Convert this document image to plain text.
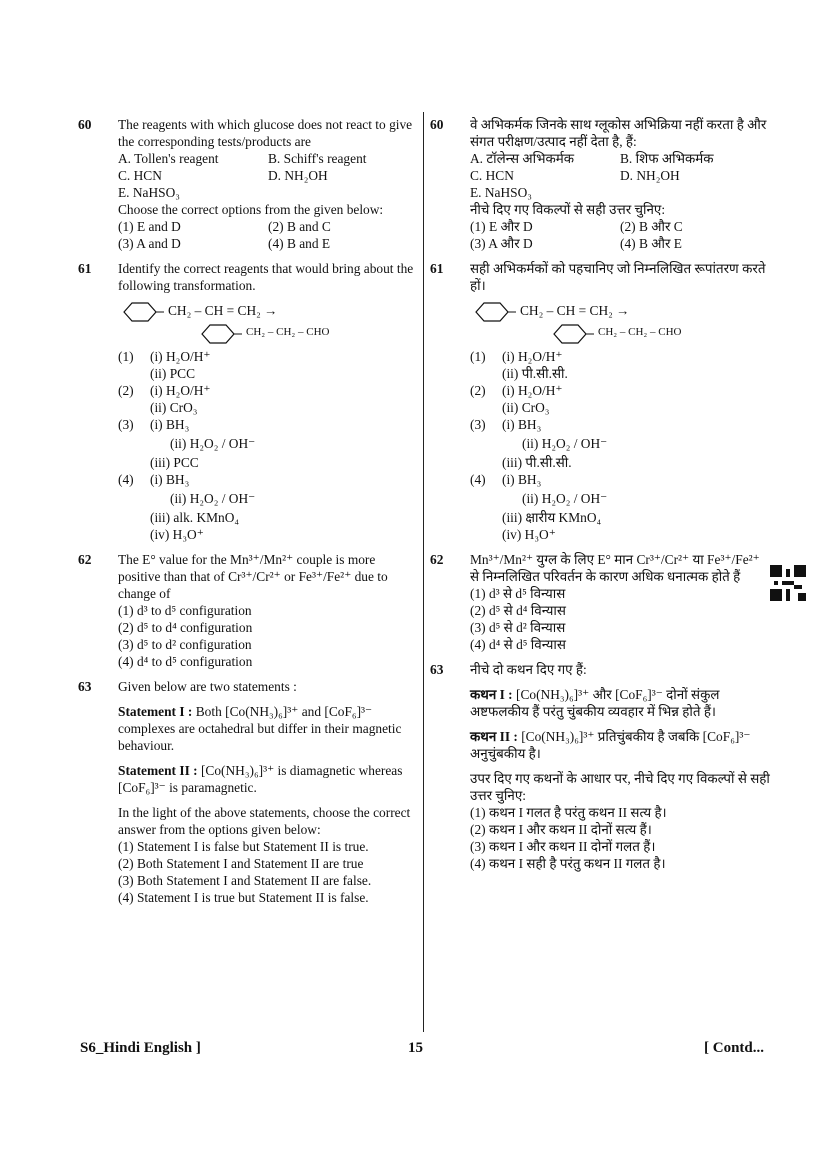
60 The reagents with which glucose does not react to give the corresponding tests/products are
A. Tollen's reagent	B. Schiff's reagent
C. HCN	D. NH₂OH
E. NaHSO₃
Choose the correct options from the given below:
(1) E and D	(2) B and C
(3) A and D	(4) B and E
61 Identify the correct reagents that would bring about the following transformation.
CH₂ – CH = CH₂ →
CH₂ – CH₂ – CHO
(1)	(i) H₂O/H⁺
(ii) PCC
(2)	(i) H₂O/H⁺
(ii) CrO₃
(3)	(i) BH₃
(ii) H₂O₂ / OH⁻
(iii) PCC
(4)	(i) BH₃
(ii) H₂O₂ / OH⁻
(iii) alk. KMnO₄
(iv) H₃O⁺
62 The E° value for the Mn³⁺/Mn²⁺ couple is more positive than that of Cr³⁺/Cr²⁺ or Fe³⁺/Fe²⁺ due to change of
(1) d³ to d⁵ configuration
(2) d⁵ to d⁴ configuration
(3) d⁵ to d² configuration
(4) d⁴ to d⁵ configuration
63 Given below are two statements :
Statement I : Both [Co(NH₃)₆]³⁺ and [CoF₆]³⁻ complexes are octahedral but differ in their magnetic behaviour.
Statement II : [Co(NH₃)₆]³⁺ is diamagnetic whereas [CoF₆]³⁻ is paramagnetic.
In the light of the above statements, choose the correct answer from the options given below:
(1) Statement I is false but Statement II is true.
(2) Both Statement I and Statement II are true
(3) Both Statement I and Statement II are false.
(4) Statement I is true but Statement II is false.
60 वे अभिकर्मक जिनके साथ ग्लूकोस अभिक्रिया नहीं करता है और संगत परीक्षण/उत्पाद नहीं देता है, हैं:
A. टॉलेन्स अभिकर्मक	B. शिफ अभिकर्मक
C. HCN	D. NH₂OH
E. NaHSO₃
नीचे दिए गए विकल्पों से सही उत्तर चुनिए:
(1) E और D	(2) B और C
(3) A और D	(4) B और E
61 सही अभिकर्मकों को पहचानिए जो निम्नलिखित रूपांतरण करते हों।
CH₂ – CH = CH₂ →
CH₂ – CH₂ – CHO
(1)	(i) H₂O/H⁺
(ii) पी.सी.सी.
(2)	(i) H₂O/H⁺
(ii) CrO₃
(3)	(i) BH₃
(ii) H₂O₂ / OH⁻
(iii) पी.सी.सी.
(4)	(i) BH₃
(ii) H₂O₂ / OH⁻
(iii) क्षारीय KMnO₄
(iv) H₃O⁺
62 Mn³⁺/Mn²⁺ युग्ल के लिए E° मान Cr³⁺/Cr²⁺ या Fe³⁺/Fe²⁺ से निम्नलिखित परिवर्तन के कारण अधिक धनात्मक होते हैं
(1) d³ से d⁵ विन्यास
(2) d⁵ से d⁴ विन्यास
(3) d⁵ से d² विन्यास
(4) d⁴ से d⁵ विन्यास
63 नीचे दो कथन दिए गए हैं:
कथन I : [Co(NH₃)₆]³⁺ और [CoF₆]³⁻ दोनों संकुल अष्टफलकीय हैं परंतु चुंबकीय व्यवहार में भिन्न होते हैं।
कथन II : [Co(NH₃)₆]³⁺ प्रतिचुंबकीय है जबकि [CoF₆]³⁻ अनुचुंबकीय है।
उपर दिए गए कथनों के आधार पर, नीचे दिए गए विकल्पों से सही उत्तर चुनिए:
(1) कथन I गलत है परंतु कथन II सत्य है।
(2) कथन I और कथन II दोनों सत्य हैं।
(3) कथन I और कथन II दोनों गलत हैं।
(4) कथन I सही है परंतु कथन II गलत है।
S6_Hindi English ]	15	[ Contd...
